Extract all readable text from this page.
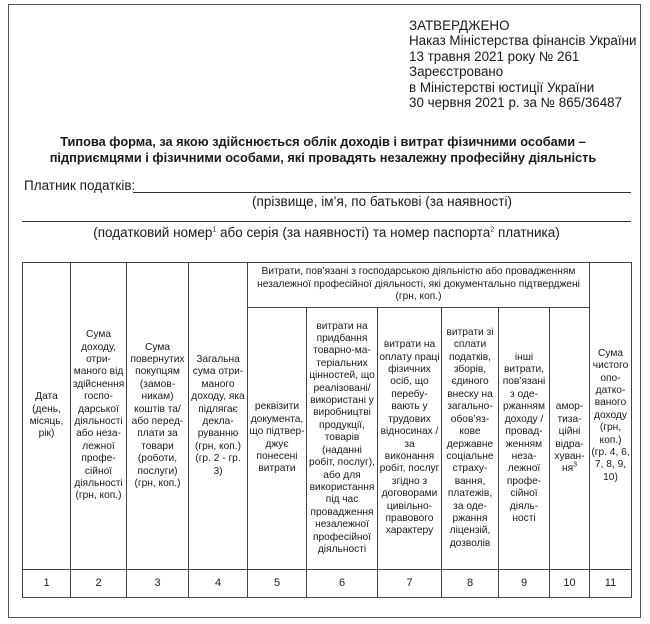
ЗАТВЕРДЖЕНО
Наказ Міністерства фінансів України
13 травня 2021 року № 261
Зареєстровано
в Міністерстві юстиції України
30 червня 2021 р. за № 865/36487
Типова форма, за якою здійснюється облік доходів і витрат фізичними особами –
підприємцями і фізичними особами, які провадять незалежну професійну діяльність
Платник податків:
(прізвище, ім’я, по батькові (за наявності)
(податковий номер$^1$ або серія (за наявності) та номер паспорта$^2$ платника)
Дата (день, місяць, рік)	Сума доходу, отриманого від здійснення господарської діяльності або незалежної професійної діяльності (грн, коп.)	Сума повернутих покупцям (замовникам) коштів та/або передплати за товари (роботи, послуги) (грн, коп.)	Загальна сума отриманого доходу, яка підлягає декларуванню (грн, коп.) (гр. 2 - гр. 3)	Витрати, пов’язані з господарською діяльністю або провадженням незалежної професійної діяльності, які документально підтверджені (грн, коп.)						Сума чистого оподаткованого доходу (грн, коп.) (гр. 4, 6, 7, 8, 9, 10)
				реквізити документа, що підтверджує понесені витрати	витрати на придбання товарно-матеріальних цінностей, що реалізовані/ використані у виробництві продукції, товарів (наданні робіт, послуг), або для використання під час провадження незалежної професійної діяльності	витрати на оплату праці фізичних осіб, що перебувають у трудових відносинах / за виконання робіт, послуг згідно з договорами цивільно-правового характеру	витрати зі сплати податків, зборів, єдиного внеску на загальнообов’язкове державне соціальне страхування, платежів, за одержання ліцензій, дозволів	інші витрати, пов’язані з одержанням доходу / провадженням незалежної професійної діяльності	амортизаційні відрахування$^3$
1	2	3	4	5	6	7	8	9	10	11
